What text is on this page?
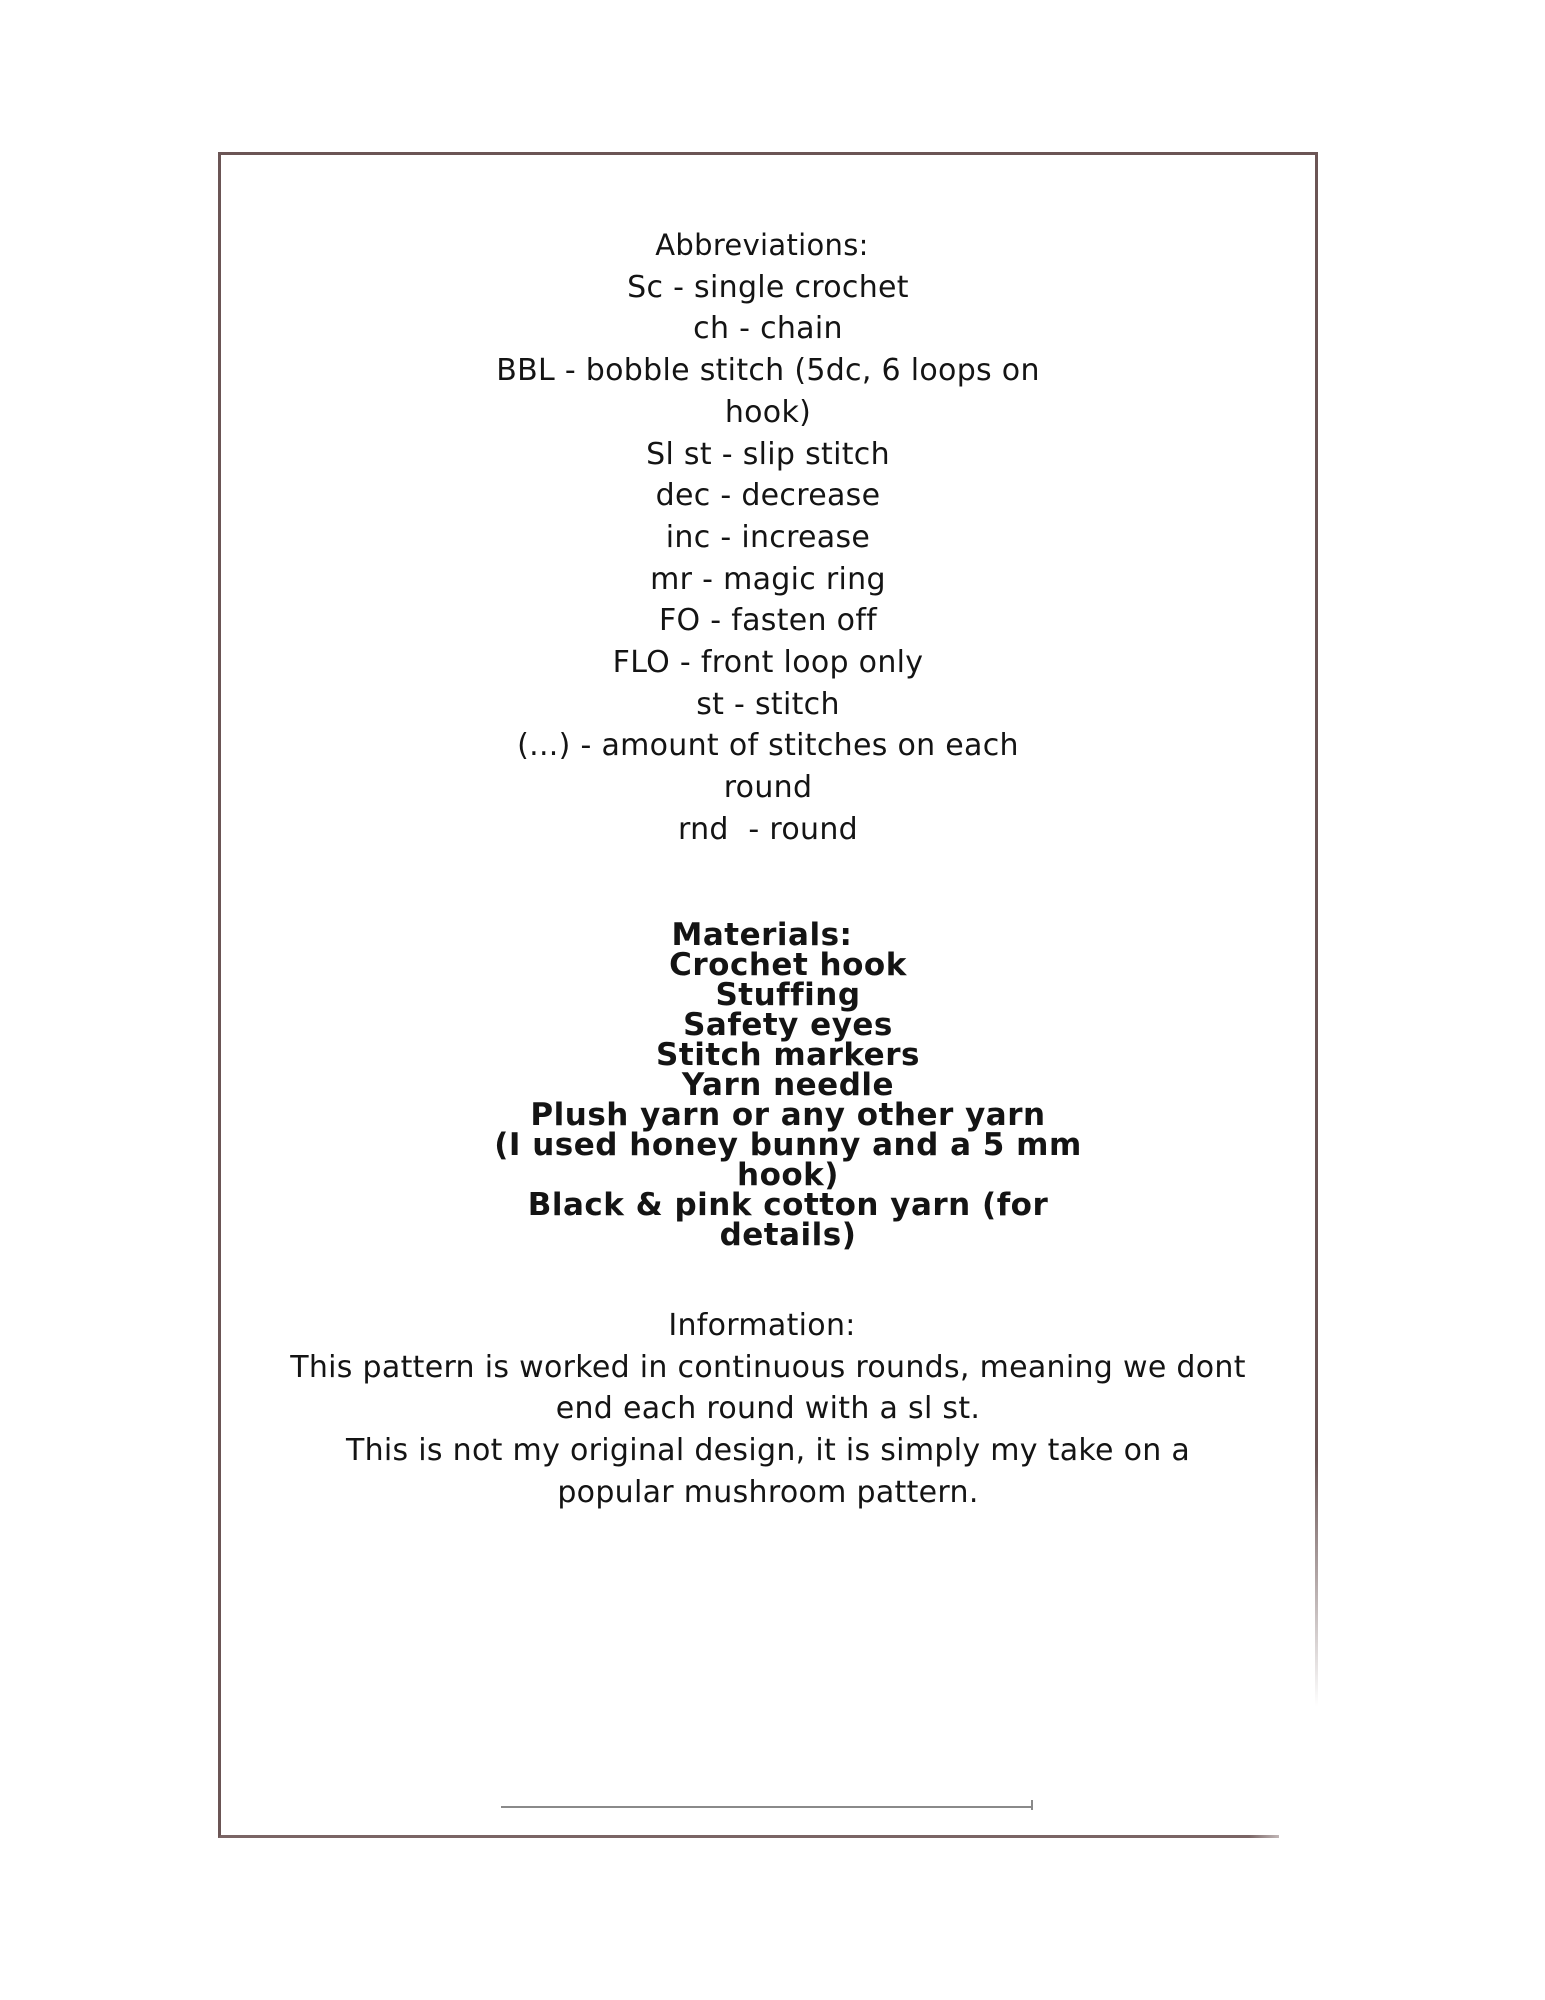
Abbreviations:
Sc - single crochet
ch - chain
BBL - bobble stitch (5dc, 6 loops on
hook)
Sl st - slip stitch
dec - decrease
inc - increase
mr - magic ring
FO - fasten off
FLO - front loop only
st - stitch
(...) - amount of stitches on each
round
rnd  - round
Materials:
Crochet hook
Stuffing
Safety eyes
Stitch markers
Yarn needle
Plush yarn or any other yarn
(I used honey bunny and a 5 mm
hook)
Black & pink cotton yarn (for
details)
Information:
This pattern is worked in continuous rounds, meaning we dont
end each round with a sl st.
This is not my original design, it is simply my take on a
popular mushroom pattern.
